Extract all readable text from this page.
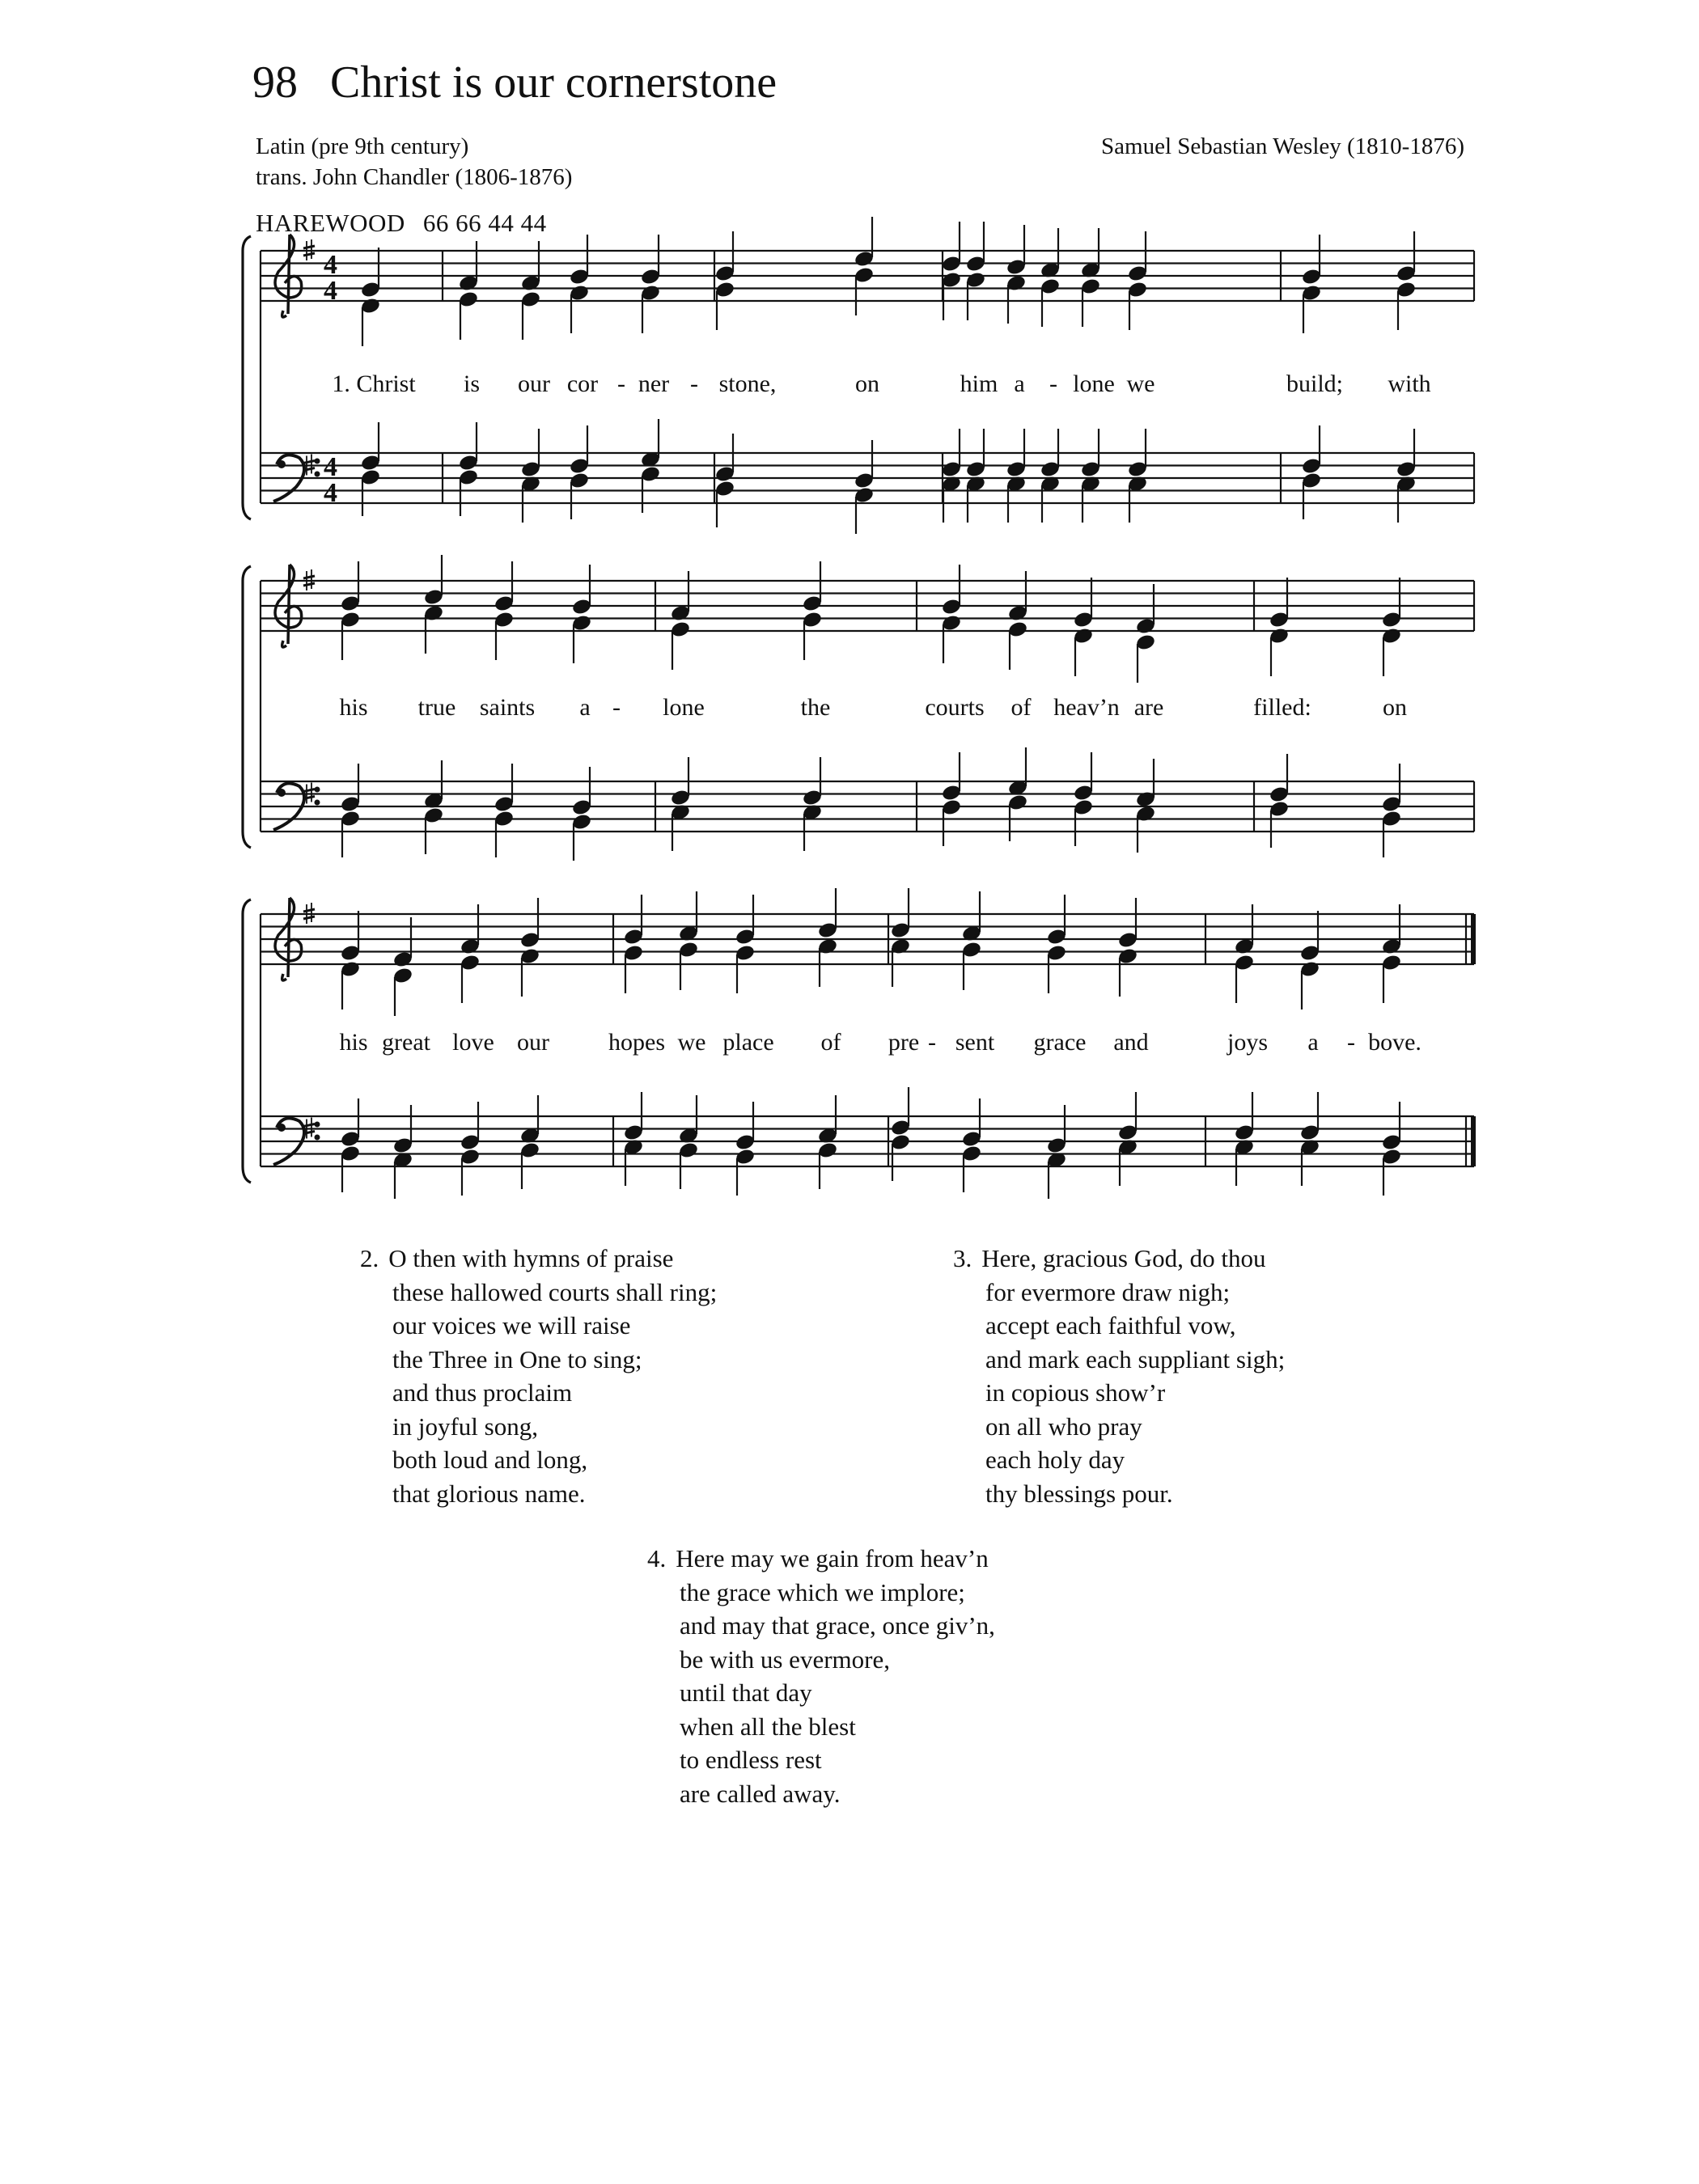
98 Christ is our cornerstone
Latin (pre 9th century)
trans. John Chandler (1806-1876)
Samuel Sebastian Wesley (1810-1876)
HAREWOOD 66 66 44 44
4
4
4
4
1. Christ is our cor - ner - stone,	on	him a - lone we	build; with
his true saints a - lone	the	courts of heav’n are	filled:	on
his great love our hopes we place of pre - sent grace and	joys a - bove.
2. O then with hymns of praise
these hallowed courts shall ring;
our voices we will raise
the Three in One to sing;
and thus proclaim
in joyful song,
both loud and long,
that glorious name.
3. Here, gracious God, do thou
for evermore draw nigh;
accept each faithful vow,
and mark each suppliant sigh;
in copious show’r
on all who pray
each holy day
thy blessings pour.
4. Here may we gain from heav’n
the grace which we implore;
and may that grace, once giv’n,
be with us evermore,
until that day
when all the blest
to endless rest
are called away.
